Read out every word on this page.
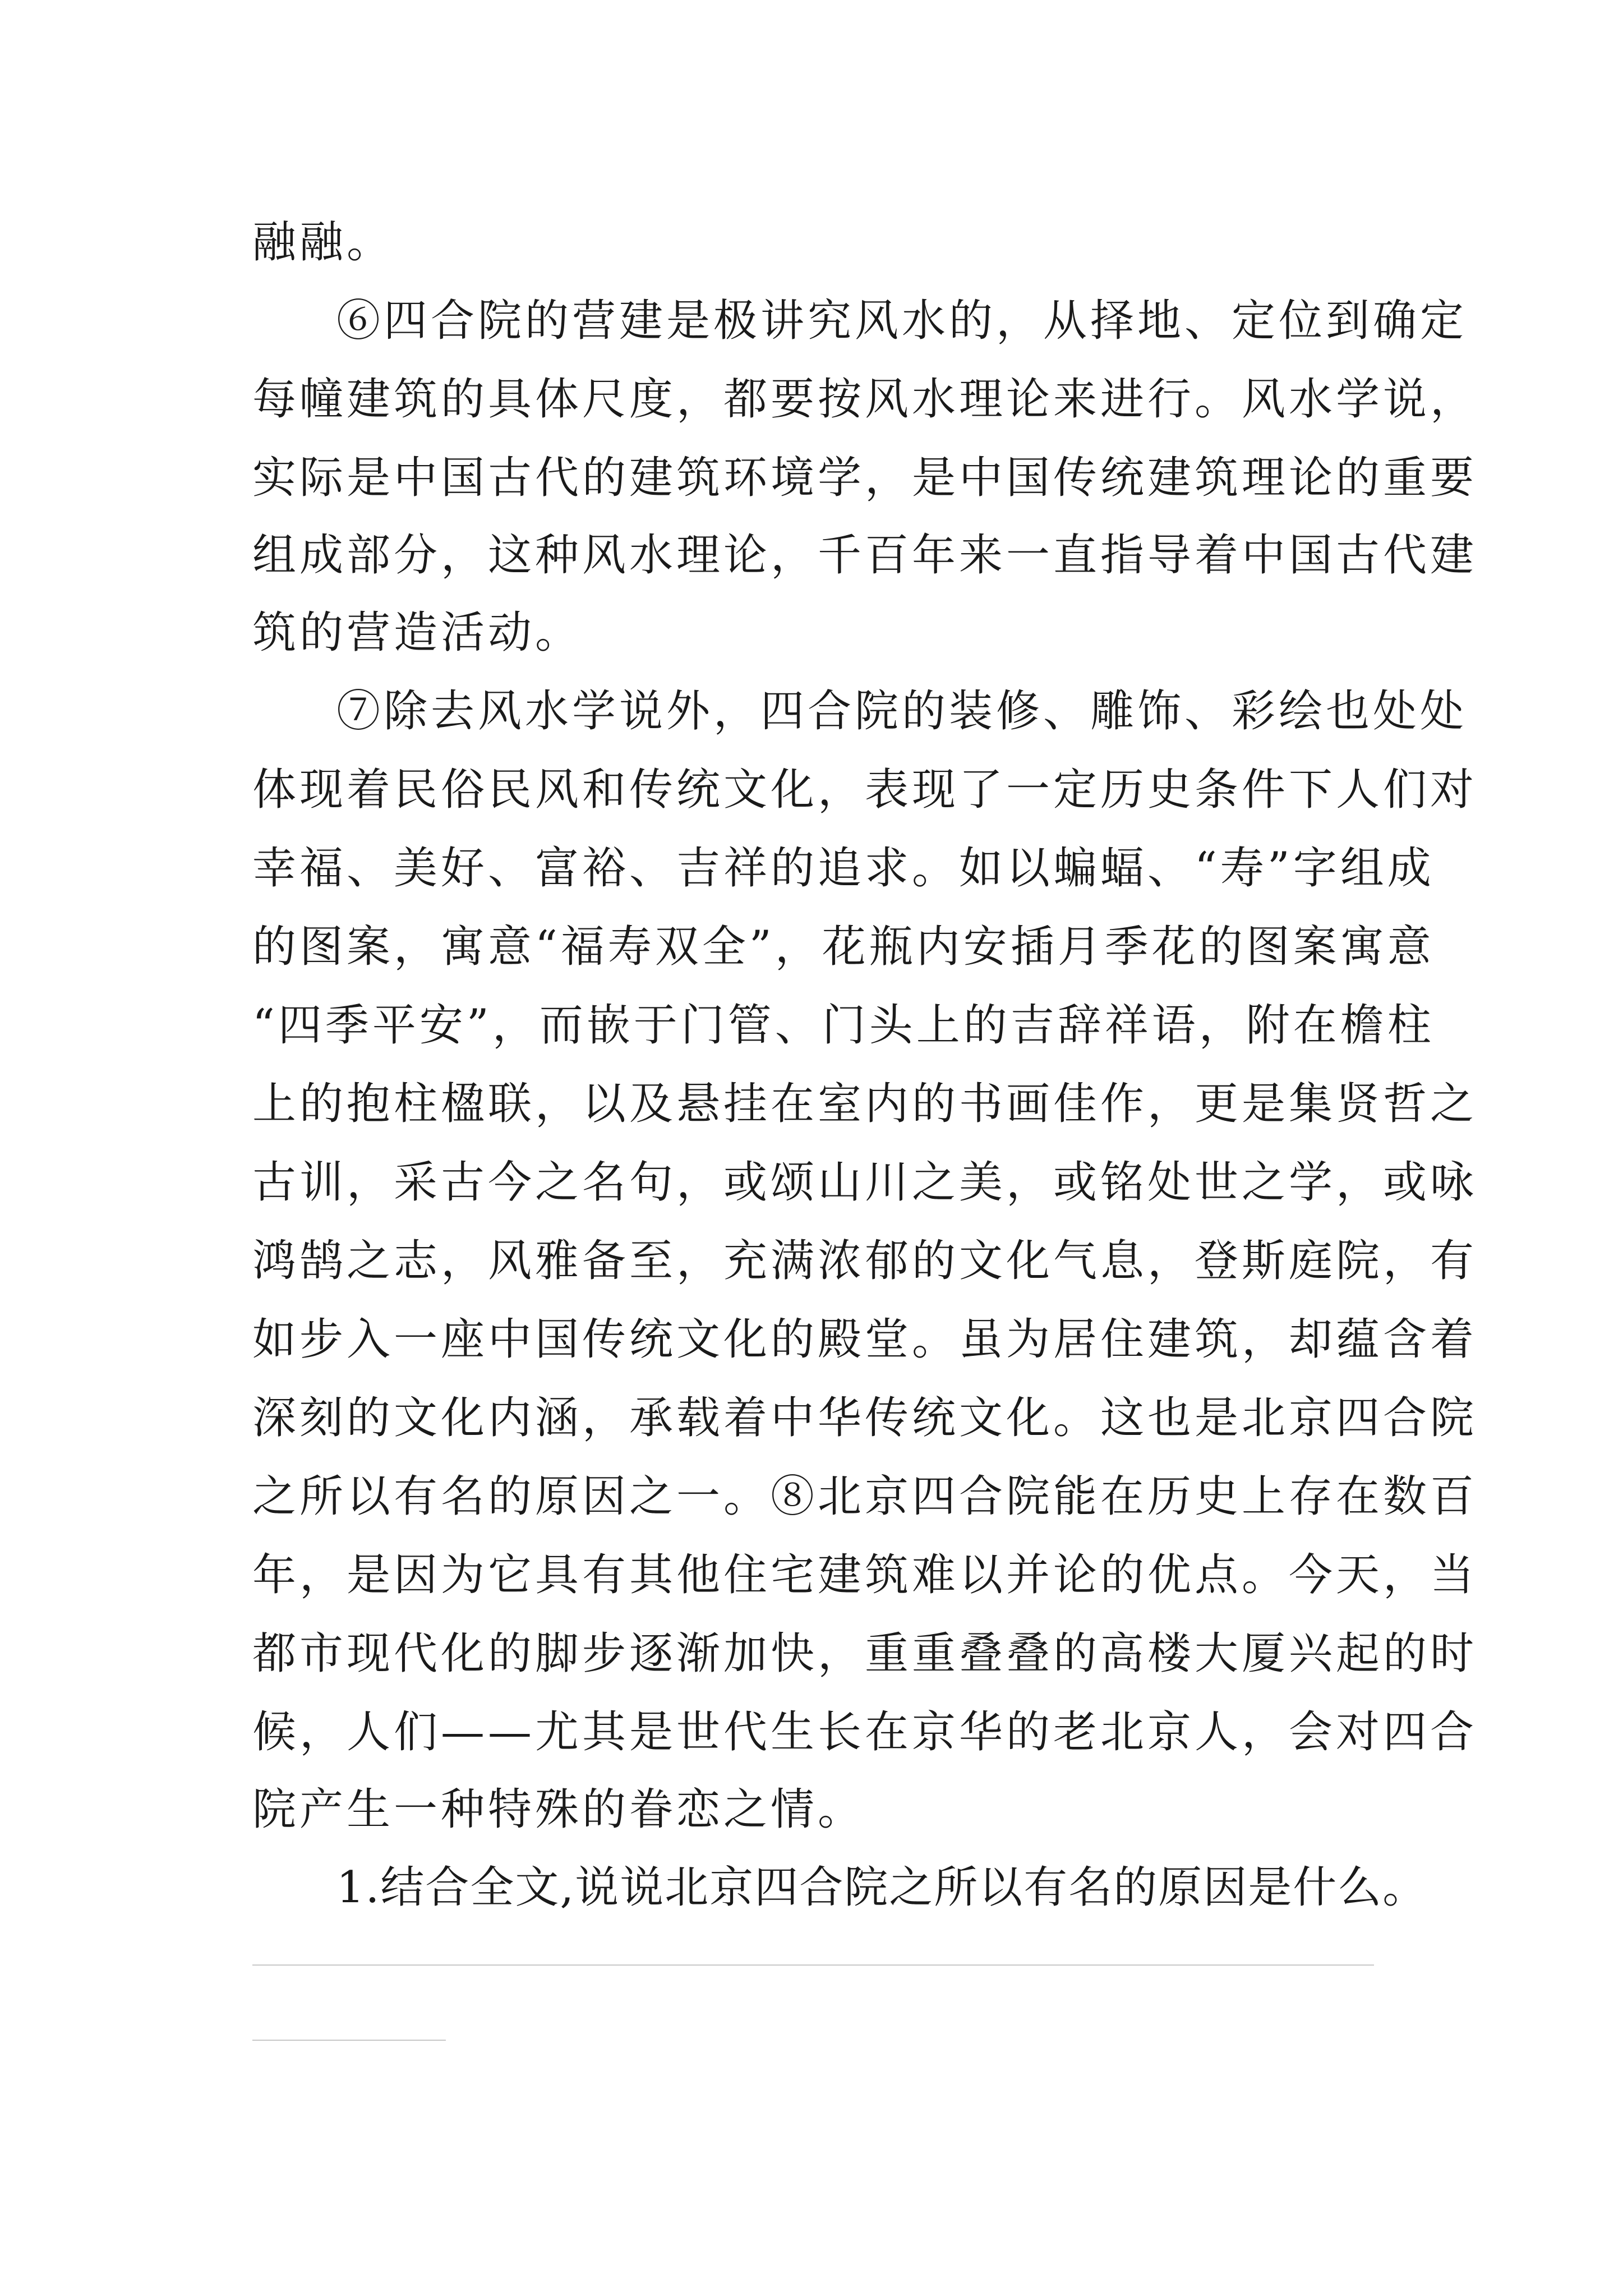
融融。
⑥四合院的营建是极讲究风水的，从择地、定位到确定
每幢建筑的具体尺度，都要按风水理论来进行。风水学说，
实际是中国古代的建筑环境学，是中国传统建筑理论的重要
组成部分，这种风水理论，千百年来一直指导着中国古代建
筑的营造活动。
⑦除去风水学说外，四合院的装修、雕饰、彩绘也处处
体现着民俗民风和传统文化，表现了一定历史条件下人们对
幸福、美好、富裕、吉祥的追求。如以蝙蝠、“寿”字组成
的图案，寓意“福寿双全”，花瓶内安插月季花的图案寓意
“四季平安”，而嵌于门管、门头上的吉辞祥语，附在檐柱
上的抱柱楹联，以及悬挂在室内的书画佳作，更是集贤哲之
古训，采古今之名句，或颂山川之美，或铭处世之学，或咏
鸿鹄之志，风雅备至，充满浓郁的文化气息，登斯庭院，有
如步入一座中国传统文化的殿堂。虽为居住建筑，却蕴含着
深刻的文化内涵，承载着中华传统文化。这也是北京四合院
之所以有名的原因之一。⑧北京四合院能在历史上存在数百
年，是因为它具有其他住宅建筑难以并论的优点。今天，当
都市现代化的脚步逐渐加快，重重叠叠的高楼大厦兴起的时
候，人们——尤其是世代生长在京华的老北京人，会对四合
院产生一种特殊的眷恋之情。
1.结合全文,说说北京四合院之所以有名的原因是什么。
